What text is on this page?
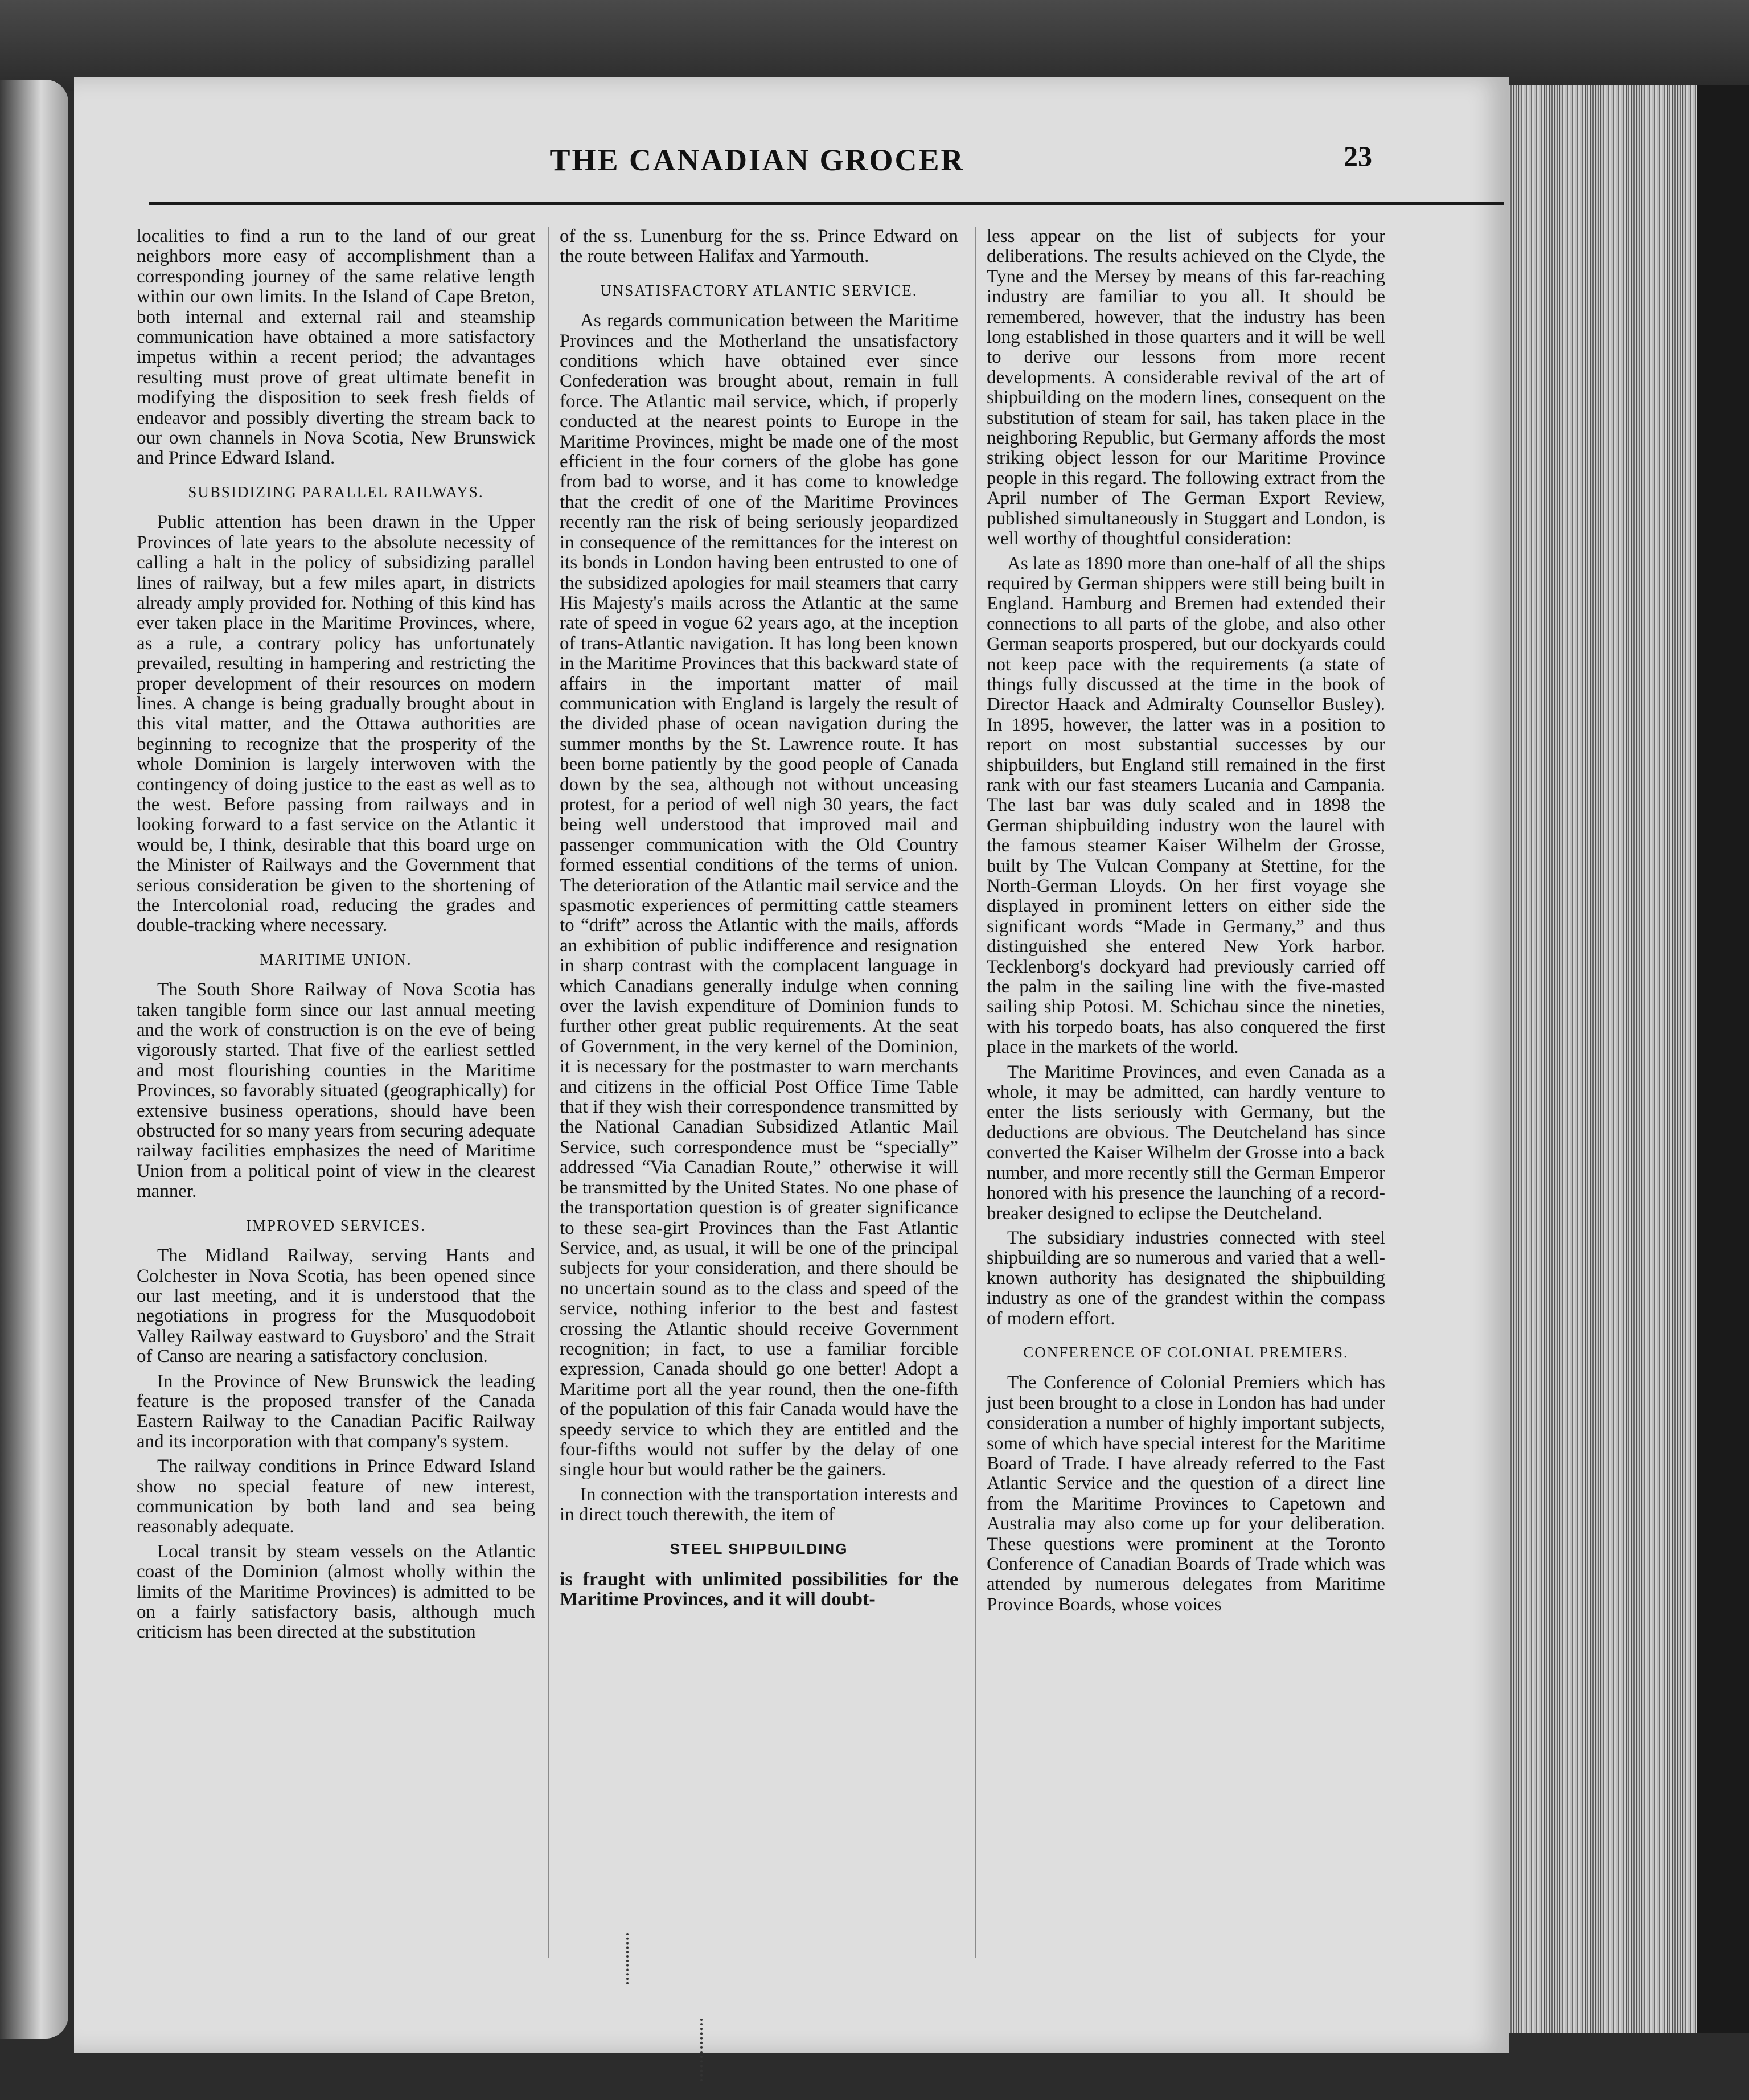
THE CANADIAN GROCER	23

localities to find a run to the land of our great neighbors more easy of accomplishment than a corresponding journey of the same relative length within our own limits. In the Island of Cape Breton, both internal and external rail and steamship communication have obtained a more satisfactory impetus within a recent period; the advantages resulting must prove of great ultimate benefit in modifying the disposition to seek fresh fields of endeavor and possibly diverting the stream back to our own channels in Nova Scotia, New Brunswick and Prince Edward Island.

SUBSIDIZING PARALLEL RAILWAYS.

Public attention has been drawn in the Upper Provinces of late years to the absolute necessity of calling a halt in the policy of subsidizing parallel lines of railway, but a few miles apart, in districts already amply provided for. Nothing of this kind has ever taken place in the Maritime Provinces, where, as a rule, a contrary policy has unfortunately prevailed, resulting in hampering and restricting the proper development of their resources on modern lines. A change is being gradually brought about in this vital matter, and the Ottawa authorities are beginning to recognize that the prosperity of the whole Dominion is largely interwoven with the contingency of doing justice to the east as well as to the west. Before passing from railways and in looking forward to a fast service on the Atlantic it would be, I think, desirable that this board urge on the Minister of Railways and the Government that serious consideration be given to the shortening of the Intercolonial road, reducing the grades and double-tracking where necessary.

MARITIME UNION.

The South Shore Railway of Nova Scotia has taken tangible form since our last annual meeting and the work of construction is on the eve of being vigorously started. That five of the earliest settled and most flourishing counties in the Maritime Provinces, so favorably situated (geographically) for extensive business operations, should have been obstructed for so many years from securing adequate railway facilities emphasizes the need of Maritime Union from a political point of view in the clearest manner.

IMPROVED SERVICES.

The Midland Railway, serving Hants and Colchester in Nova Scotia, has been opened since our last meeting, and it is understood that the negotiations in progress for the Musquodoboit Valley Railway eastward to Guysboro' and the Strait of Canso are nearing a satisfactory conclusion.

In the Province of New Brunswick the leading feature is the proposed transfer of the Canada Eastern Railway to the Canadian Pacific Railway and its incorporation with that company's system.

The railway conditions in Prince Edward Island show no special feature of new interest, communication by both land and sea being reasonably adequate.

Local transit by steam vessels on the Atlantic coast of the Dominion (almost wholly within the limits of the Maritime Provinces) is admitted to be on a fairly satisfactory basis, although much criticism has been directed at the substitution

of the ss. Lunenburg for the ss. Prince Edward on the route between Halifax and Yarmouth.

UNSATISFACTORY ATLANTIC SERVICE.

As regards communication between the Maritime Provinces and the Motherland the unsatisfactory conditions which have obtained ever since Confederation was brought about, remain in full force. The Atlantic mail service, which, if properly conducted at the nearest points to Europe in the Maritime Provinces, might be made one of the most efficient in the four corners of the globe has gone from bad to worse, and it has come to knowledge that the credit of one of the Maritime Provinces recently ran the risk of being seriously jeopardized in consequence of the remittances for the interest on its bonds in London having been entrusted to one of the subsidized apologies for mail steamers that carry His Majesty's mails across the Atlantic at the same rate of speed in vogue 62 years ago, at the inception of trans-Atlantic navigation. It has long been known in the Maritime Provinces that this backward state of affairs in the important matter of mail communication with England is largely the result of the divided phase of ocean navigation during the summer months by the St. Lawrence route. It has been borne patiently by the good people of Canada down by the sea, although not without unceasing protest, for a period of well nigh 30 years, the fact being well understood that improved mail and passenger communication with the Old Country formed essential conditions of the terms of union. The deterioration of the Atlantic mail service and the spasmotic experiences of permitting cattle steamers to “drift” across the Atlantic with the mails, affords an exhibition of public indifference and resignation in sharp contrast with the complacent language in which Canadians generally indulge when conning over the lavish expenditure of Dominion funds to further other great public requirements. At the seat of Government, in the very kernel of the Dominion, it is necessary for the postmaster to warn merchants and citizens in the official Post Office Time Table that if they wish their correspondence transmitted by the National Canadian Subsidized Atlantic Mail Service, such correspondence must be “specially” addressed “Via Canadian Route,” otherwise it will be transmitted by the United States. No one phase of the transportation question is of greater significance to these sea-girt Provinces than the Fast Atlantic Service, and, as usual, it will be one of the principal subjects for your consideration, and there should be no uncertain sound as to the class and speed of the service, nothing inferior to the best and fastest crossing the Atlantic should receive Government recognition; in fact, to use a familiar forcible expression, Canada should go one better! Adopt a Maritime port all the year round, then the one-fifth of the population of this fair Canada would have the speedy service to which they are entitled and the four-fifths would not suffer by the delay of one single hour but would rather be the gainers.

In connection with the transportation interests and in direct touch therewith, the item of

STEEL SHIPBUILDING

is fraught with unlimited possibilities for the Maritime Provinces, and it will doubt-

less appear on the list of subjects for your deliberations. The results achieved on the Clyde, the Tyne and the Mersey by means of this far-reaching industry are familiar to you all. It should be remembered, however, that the industry has been long established in those quarters and it will be well to derive our lessons from more recent developments. A considerable revival of the art of shipbuilding on the modern lines, consequent on the substitution of steam for sail, has taken place in the neighboring Republic, but Germany affords the most striking object lesson for our Maritime Province people in this regard. The following extract from the April number of The German Export Review, published simultaneously in Stuggart and London, is well worthy of thoughtful consideration:

As late as 1890 more than one-half of all the ships required by German shippers were still being built in England. Hamburg and Bremen had extended their connections to all parts of the globe, and also other German seaports prospered, but our dockyards could not keep pace with the requirements (a state of things fully discussed at the time in the book of Director Haack and Admiralty Counsellor Busley). In 1895, however, the latter was in a position to report on most substantial successes by our shipbuilders, but England still remained in the first rank with our fast steamers Lucania and Campania. The last bar was duly scaled and in 1898 the German shipbuilding industry won the laurel with the famous steamer Kaiser Wilhelm der Grosse, built by The Vulcan Company at Stettine, for the North-German Lloyds. On her first voyage she displayed in prominent letters on either side the significant words “Made in Germany,” and thus distinguished she entered New York harbor. Tecklenborg's dockyard had previously carried off the palm in the sailing line with the five-masted sailing ship Potosi. M. Schichau since the nineties, with his torpedo boats, has also conquered the first place in the markets of the world.

The Maritime Provinces, and even Canada as a whole, it may be admitted, can hardly venture to enter the lists seriously with Germany, but the deductions are obvious. The Deutcheland has since converted the Kaiser Wilhelm der Grosse into a back number, and more recently still the German Emperor honored with his presence the launching of a record-breaker designed to eclipse the Deutcheland.

The subsidiary industries connected with steel shipbuilding are so numerous and varied that a well-known authority has designated the shipbuilding industry as one of the grandest within the compass of modern effort.

CONFERENCE OF COLONIAL PREMIERS.

The Conference of Colonial Premiers which has just been brought to a close in London has had under consideration a number of highly important subjects, some of which have special interest for the Maritime Board of Trade. I have already referred to the Fast Atlantic Service and the question of a direct line from the Maritime Provinces to Capetown and Australia may also come up for your deliberation. These questions were prominent at the Toronto Conference of Canadian Boards of Trade which was attended by numerous delegates from Maritime Province Boards, whose voices
